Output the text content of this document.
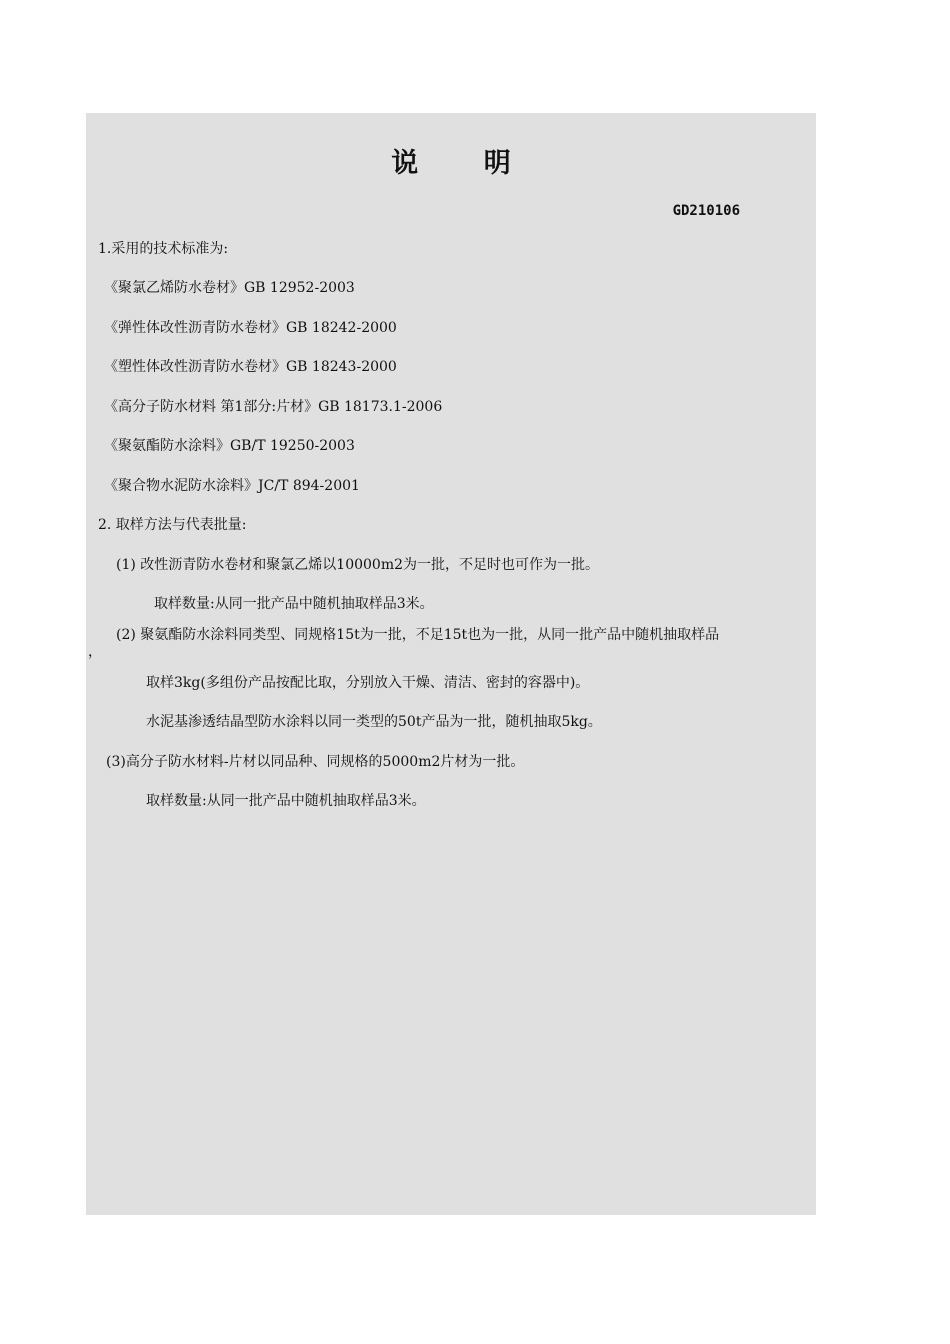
说 明
GD210106
1.采用的技术标准为:
《聚氯乙烯防水卷材》GB 12952-2003
《弹性体改性沥青防水卷材》GB 18242-2000
《塑性体改性沥青防水卷材》GB 18243-2000
《高分子防水材料 第1部分:片材》GB 18173.1-2006
《聚氨酯防水涂料》GB/T 19250-2003
《聚合物水泥防水涂料》JC/T 894-2001
2. 取样方法与代表批量:
(1) 改性沥青防水卷材和聚氯乙烯以10000m2为一批，不足时也可作为一批。
取样数量:从同一批产品中随机抽取样品3米。
(2) 聚氨酯防水涂料同类型、同规格15t为一批，不足15t也为一批，从同一批产品中随机抽取样品
，
取样3kg(多组份产品按配比取，分别放入干燥、清洁、密封的容器中)。
水泥基渗透结晶型防水涂料以同一类型的50t产品为一批，随机抽取5kg。
(3)高分子防水材料-片材以同品种、同规格的5000m2片材为一批。
取样数量:从同一批产品中随机抽取样品3米。
